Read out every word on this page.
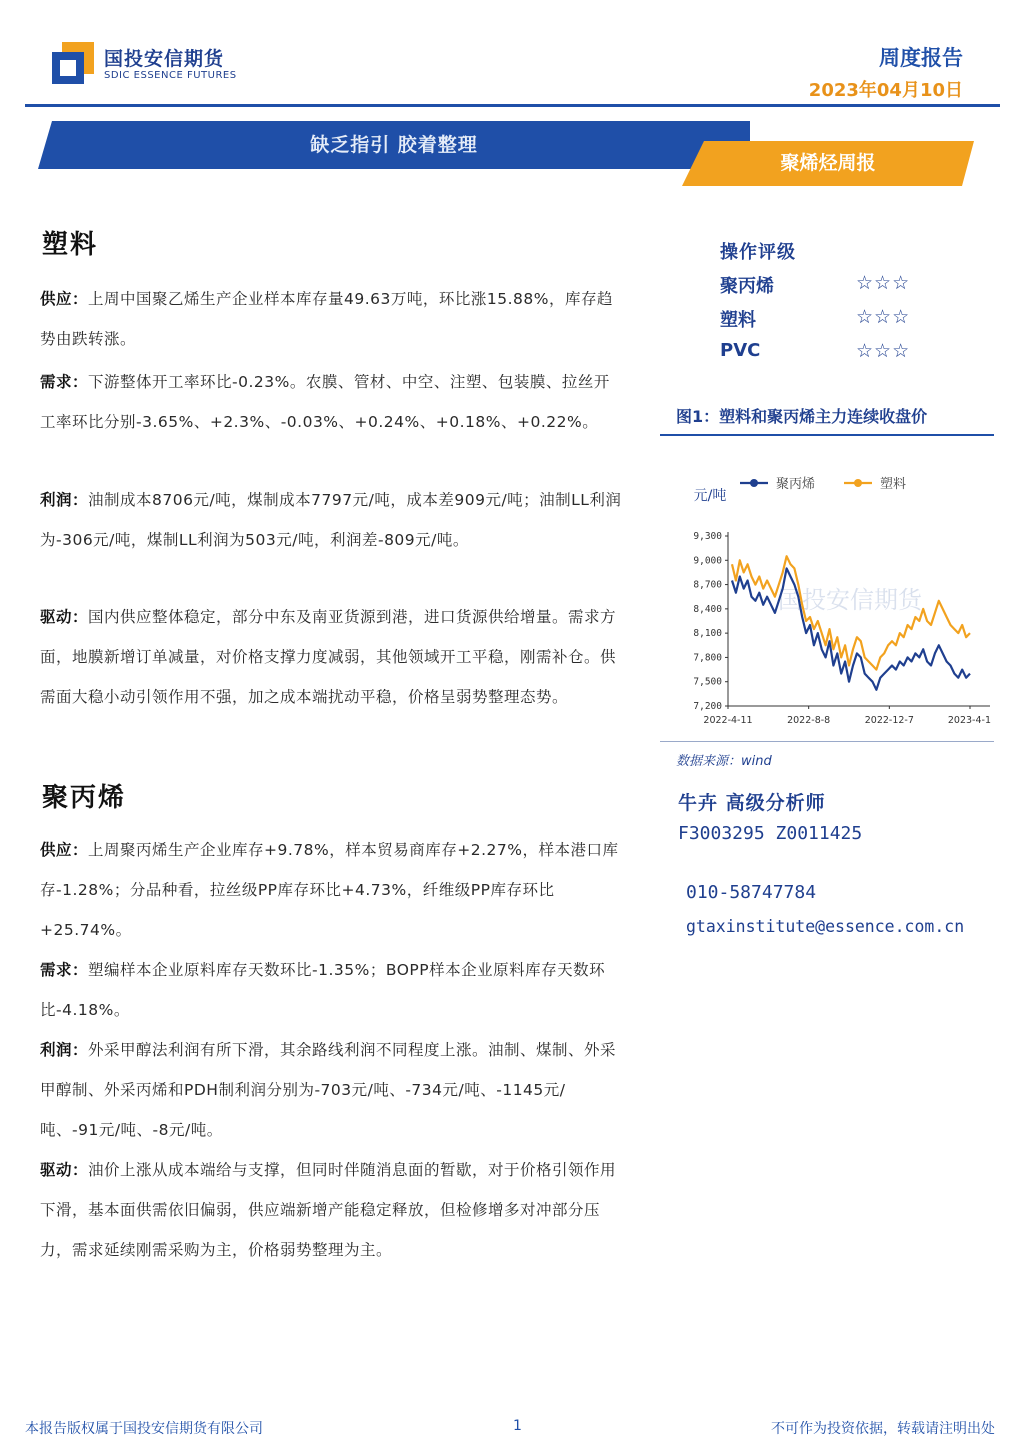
国投安信期货
SDIC ESSENCE FUTURES
周度报告
2023年04月10日
缺乏指引 胶着整理
聚烯烃周报
塑料
供应：上周中国聚乙烯生产企业样本库存量49.63万吨，环比涨15.88%，库存趋势由跌转涨。
需求：下游整体开工率环比-0.23%。农膜、管材、中空、注塑、包装膜、拉丝开工率环比分别-3.65%、+2.3%、-0.03%、+0.24%、+0.18%、+0.22%。
利润：油制成本8706元/吨，煤制成本7797元/吨，成本差909元/吨；油制LL利润为-306元/吨，煤制LL利润为503元/吨，利润差-809元/吨。
驱动：国内供应整体稳定，部分中东及南亚货源到港，进口货源供给增量。需求方面，地膜新增订单减量，对价格支撑力度减弱，其他领域开工平稳，刚需补仓。供需面大稳小动引领作用不强，加之成本端扰动平稳，价格呈弱势整理态势。
聚丙烯
供应：上周聚丙烯生产企业库存+9.78%，样本贸易商库存+2.27%，样本港口库存-1.28%；分品种看，拉丝级PP库存环比+4.73%，纤维级PP库存环比+25.74%。
需求：塑编样本企业原料库存天数环比-1.35%；BOPP样本企业原料库存天数环比-4.18%。
利润：外采甲醇法利润有所下滑，其余路线利润不同程度上涨。油制、煤制、外采甲醇制、外采丙烯和PDH制利润分别为-703元/吨、-734元/吨、-1145元/吨、-91元/吨、-8元/吨。
驱动：油价上涨从成本端给与支撑，但同时伴随消息面的暂歇，对于价格引领作用下滑，基本面供需依旧偏弱，供应端新增产能稳定释放，但检修增多对冲部分压力，需求延续刚需采购为主，价格弱势整理为主。
操作评级
聚丙烯	☆☆☆
塑料	☆☆☆
PVC	☆☆☆
图1：塑料和聚丙烯主力连续收盘价
国投安信期货
元/吨
9,300
9,000
8,700
8,400
8,100
7,800
7,500
7,200
2022-4-11	2022-8-8	2022-12-7	2023-4-1
聚丙烯	塑料
数据来源：wind
牛卉 高级分析师
F3003295 Z0011425
010-58747784
gtaxinstitute@essence.com.cn
本报告版权属于国投安信期货有限公司	1	不可作为投资依据，转载请注明出处
